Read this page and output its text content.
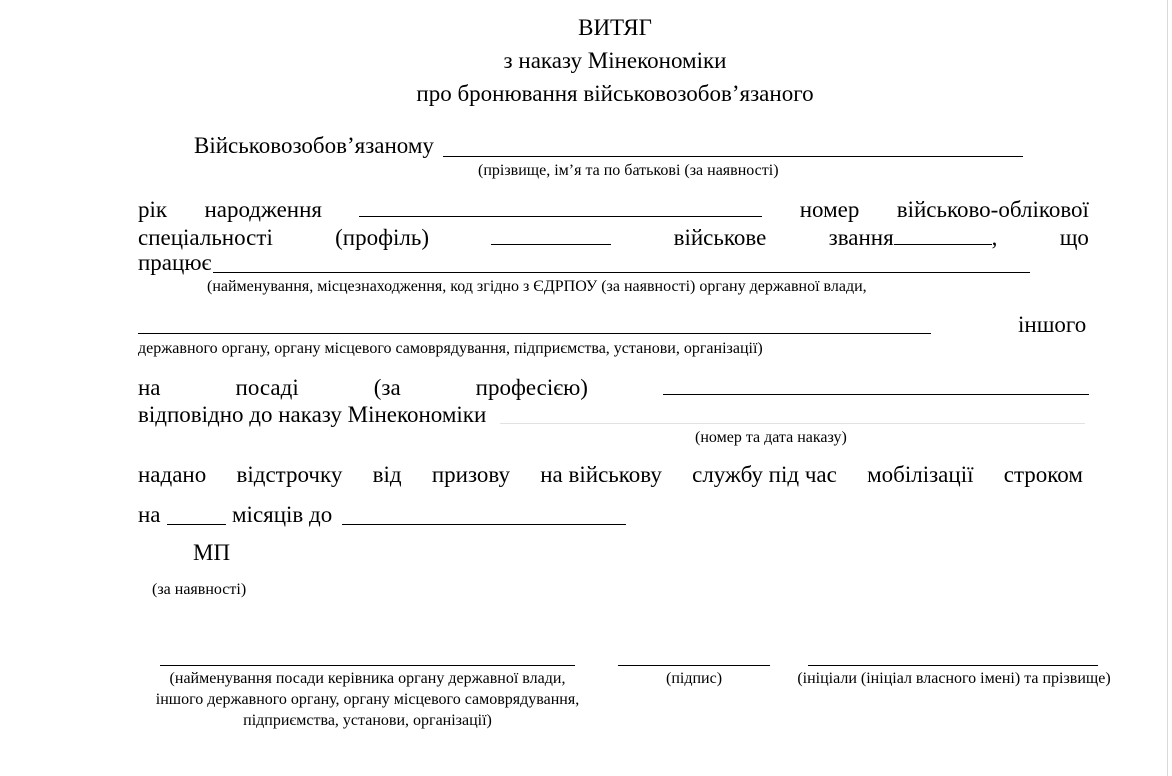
ВИТЯГ
з наказу Мінекономіки
про бронювання військовозобов’язаного
Військовозобов’язаному
(прізвище, ім’я та по батькові (за наявності)
рік народження	номер військово-облікової
спеціальності	(профіль)	військове	звання	,	що
працює
(найменування, місцезнаходження, код згідно з ЄДРПОУ (за наявності) органу державної влади,
іншого
державного органу, органу місцевого самоврядування, підприємства, установи, організації)
на	посаді	(за	професією)
відповідно до наказу Мінекономіки
(номер та дата наказу)
надано відстрочку від призову на військову службу під час мобілізації строком
на	місяців до
МП
(за наявності)
(найменування посади керівника органу державної влади, іншого державного органу, органу місцевого самоврядування, підприємства, установи, організації)
(підпис)	(ініціали (ініціал власного імені) та прізвище)
